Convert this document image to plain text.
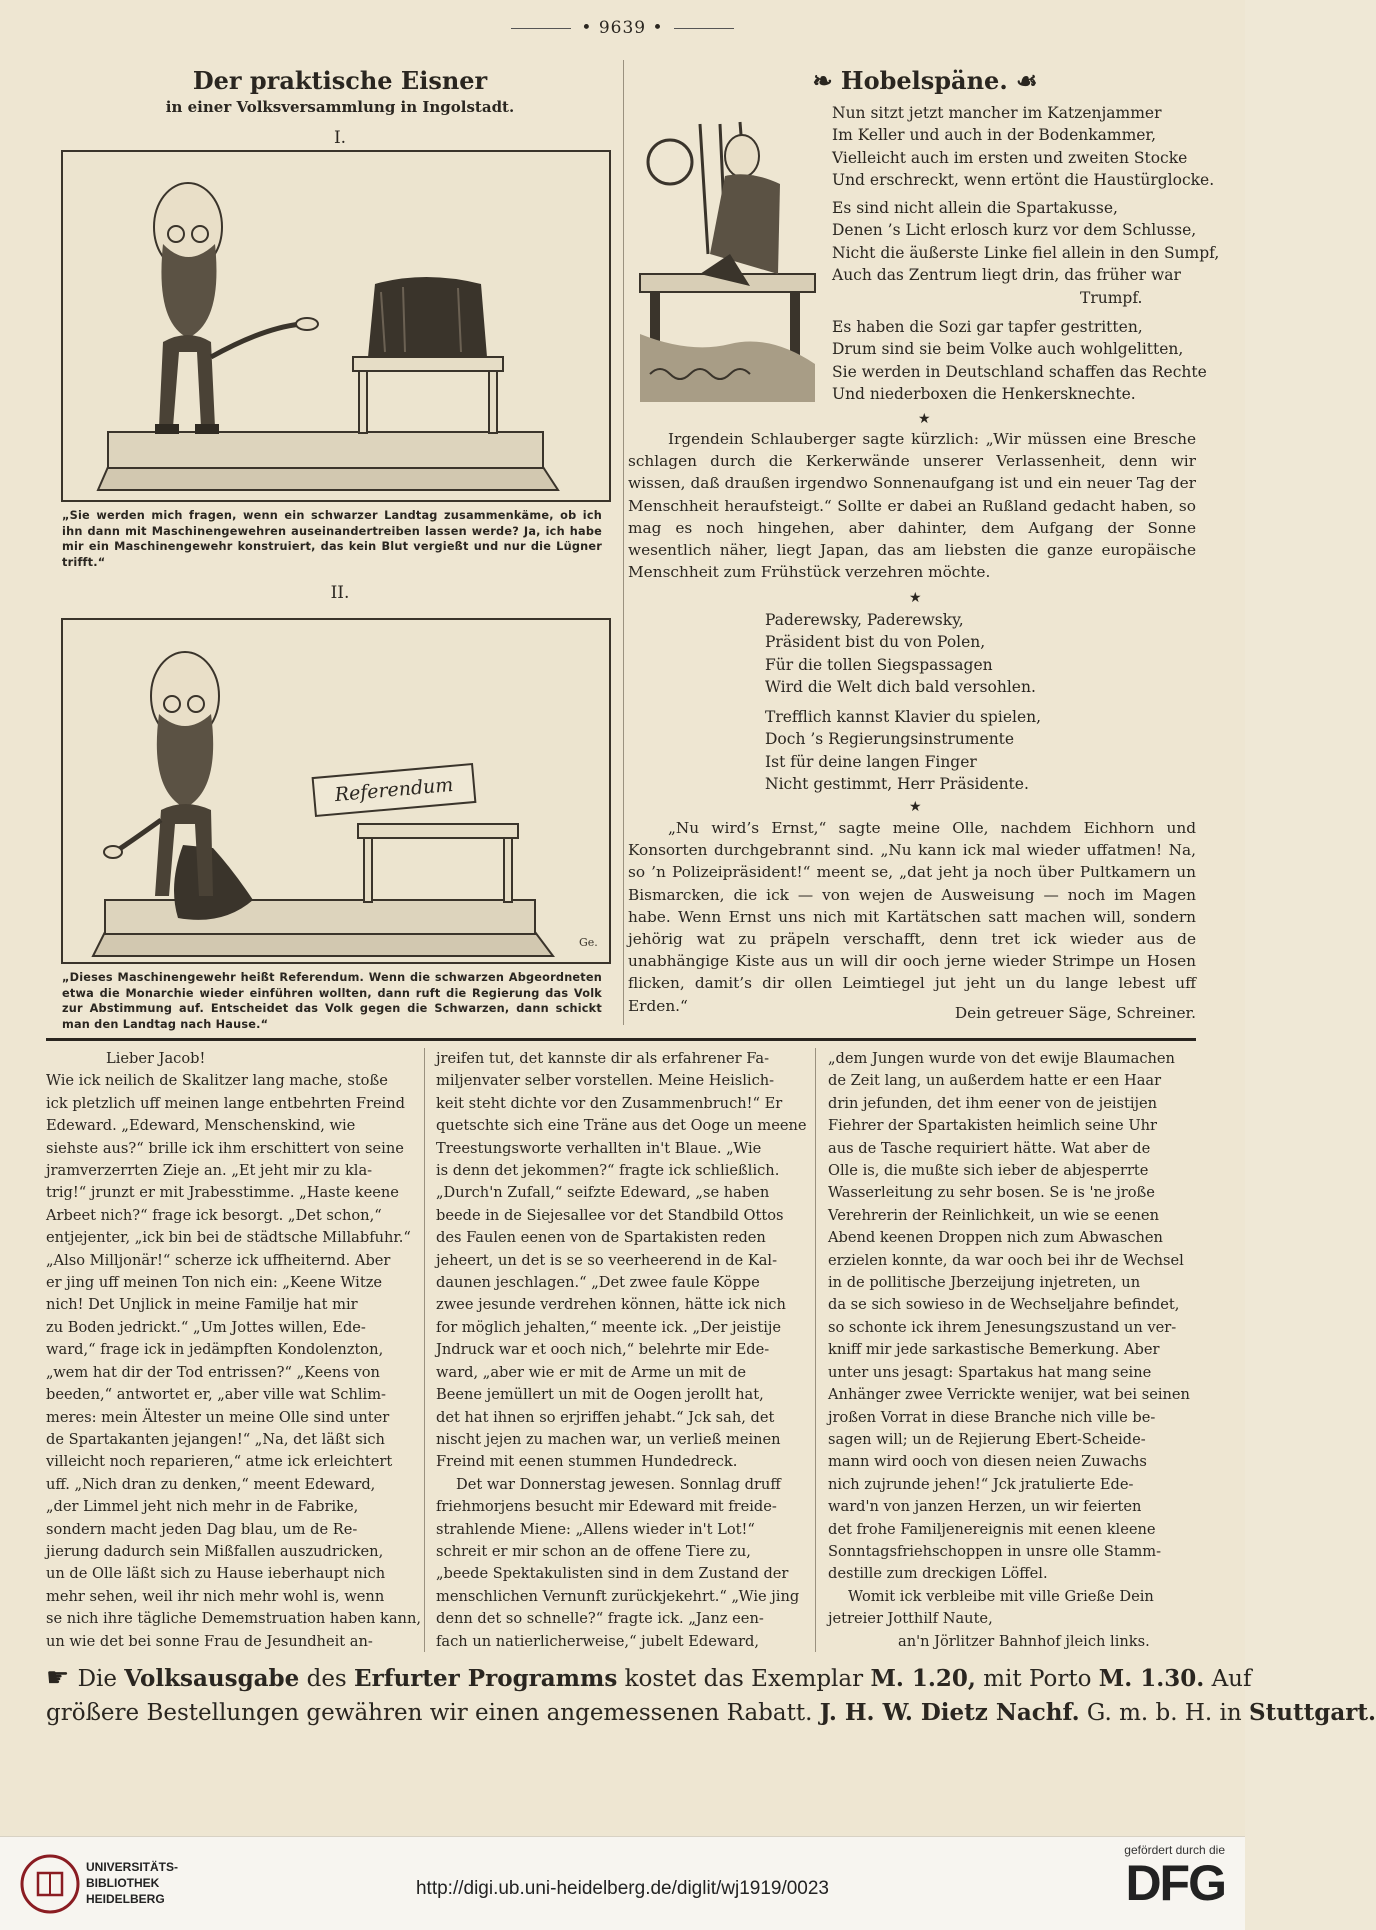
• 9639 •
Der praktische Eisner
in einer Volksversammlung in Ingolstadt.
I.
„Sie werden mich fragen, wenn ein schwarzer Landtag zusammenkäme, ob ich ihn dann mit Maschinengewehren auseinandertreiben lassen werde? Ja, ich habe mir ein Maschinengewehr konstruiert, das kein Blut vergießt und nur die Lügner trifft.“
II.
Ge.
Referendum
„Dieses Maschinengewehr heißt Referendum. Wenn die schwarzen Abgeordneten etwa die Monarchie wieder einführen wollten, dann ruft die Regierung das Volk zur Abstimmung auf. Entscheidet das Volk gegen die Schwarzen, dann schickt man den Landtag nach Hause.“
❧ Hobelspäne. ☙
Nun sitzt jetzt mancher im Katzenjammer
Im Keller und auch in der Bodenkammer,
Vielleicht auch im ersten und zweiten Stocke
Und erschreckt, wenn ertönt die Haustürglocke.
Es sind nicht allein die Spartakusse,
Denen ’s Licht erlosch kurz vor dem Schlusse,
Nicht die äußerste Linke fiel allein in den Sumpf,
Auch das Zentrum liegt drin, das früher war
Trumpf.
Es haben die Sozi gar tapfer gestritten,
Drum sind sie beim Volke auch wohlgelitten,
Sie werden in Deutschland schaffen das Rechte
Und niederboxen die Henkersknechte.
★
Irgendein Schlauberger sagte kürzlich: „Wir müssen eine Bresche schlagen durch die Kerkerwände unserer Verlassenheit, denn wir wissen, daß draußen irgendwo Sonnenaufgang ist und ein neuer Tag der Menschheit heraufsteigt.“ Sollte er dabei an Rußland gedacht haben, so mag es noch hingehen, aber dahinter, dem Aufgang der Sonne wesentlich näher, liegt Japan, das am liebsten die ganze europäische Menschheit zum Frühstück verzehren möchte.
★
Paderewsky, Paderewsky,
Präsident bist du von Polen,
Für die tollen Siegspassagen
Wird die Welt dich bald versohlen.
Trefflich kannst Klavier du spielen,
Doch ’s Regierungsinstrumente
Ist für deine langen Finger
Nicht gestimmt, Herr Präsidente.
★
„Nu wird’s Ernst,“ sagte meine Olle, nachdem Eichhorn und Konsorten durchgebrannt sind. „Nu kann ick mal wieder uffatmen! Na, so ’n Polizeipräsident!“ meent se, „dat jeht ja noch über Pultkamern un Bismarcken, die ick — von wejen de Ausweisung — noch im Magen habe. Wenn Ernst uns nich mit Kartätschen satt machen will, sondern jehörig wat zu präpeln verschafft, denn tret ick wieder aus de unabhängige Kiste aus un will dir ooch jerne wieder Strimpe un Hosen flicken, damit’s dir ollen Leimtiegel jut jeht un du lange lebest uff Erden.“	Dein getreuer Säge, Schreiner.
Lieber Jacob!
Wie ick neilich de Skalitzer lang mache, stoße
ick pletzlich uff meinen lange entbehrten Freind
Edeward. „Edeward, Menschenskind, wie
siehste aus?“ brille ick ihm erschittert von seine
jramverzerrten Zieje an. „Et jeht mir zu kla-
trig!“ jrunzt er mit Jrabesstimme. „Haste keene
Arbeet nich?“ frage ick besorgt. „Det schon,“
entjejenter, „ick bin bei de städtsche Millabfuhr.“
„Also Milljonär!“ scherze ick uffheiternd. Aber
er jing uff meinen Ton nich ein: „Keene Witze
nich! Det Unjlick in meine Familje hat mir
zu Boden jedrickt.“ „Um Jottes willen, Ede-
ward,“ frage ick in jedämpften Kondolenzton,
„wem hat dir der Tod entrissen?“ „Keens von
beeden,“ antwortet er, „aber ville wat Schlim-
meres: mein Ältester un meine Olle sind unter
de Spartakanten jejangen!“ „Na, det läßt sich
villeicht noch reparieren,“ atme ick erleichtert
uff. „Nich dran zu denken,“ meent Edeward,
„der Limmel jeht nich mehr in de Fabrike,
sondern macht jeden Dag blau, um de Re-
jierung dadurch sein Mißfallen auszudricken,
un de Olle läßt sich zu Hause ieberhaupt nich
mehr sehen, weil ihr nich mehr wohl is, wenn
se nich ihre tägliche Dememstruation haben kann,
un wie det bei sonne Frau de Jesundheit an-
jreifen tut, det kannste dir als erfahrener Fa-
miljenvater selber vorstellen. Meine Heislich-
keit steht dichte vor den Zusammenbruch!“ Er
quetschte sich eine Träne aus det Ooge un meene
Treestungsworte verhallten in't Blaue. „Wie
is denn det jekommen?“ fragte ick schließlich.
„Durch'n Zufall,“ seifzte Edeward, „se haben
beede in de Siejesallee vor det Standbild Ottos
des Faulen eenen von de Spartakisten reden
jeheert, un det is se so veerheerend in de Kal-
daunen jeschlagen.“ „Det zwee faule Köppe
zwee jesunde verdrehen können, hätte ick nich
for möglich jehalten,“ meente ick. „Der jeistije
Jndruck war et ooch nich,“ belehrte mir Ede-
ward, „aber wie er mit de Arme un mit de
Beene jemüllert un mit de Oogen jerollt hat,
det hat ihnen so erjriffen jehabt.“ Jck sah, det
nischt jejen zu machen war, un verließ meinen
Freind mit eenen stummen Hundedreck.
Det war Donnerstag jewesen. Sonnlag druff
friehmorjens besucht mir Edeward mit freide-
strahlende Miene: „Allens wieder in't Lot!“
schreit er mir schon an de offene Tiere zu,
„beede Spektakulisten sind in dem Zustand der
menschlichen Vernunft zurückjekehrt.“ „Wie jing
denn det so schnelle?“ fragte ick. „Janz een-
fach un natierlicherweise,“ jubelt Edeward,
„dem Jungen wurde von det ewije Blaumachen
de Zeit lang, un außerdem hatte er een Haar
drin jefunden, det ihm eener von de jeistijen
Fiehrer der Spartakisten heimlich seine Uhr
aus de Tasche requiriert hätte. Wat aber de
Olle is, die mußte sich ieber de abjesperrte
Wasserleitung zu sehr bosen. Se is 'ne jroße
Verehrerin der Reinlichkeit, un wie se eenen
Abend keenen Droppen nich zum Abwaschen
erzielen konnte, da war ooch bei ihr de Wechsel
in de pollitische Jberzeijung injetreten, un
da se sich sowieso in de Wechseljahre befindet,
so schonte ick ihrem Jenesungszustand un ver-
kniff mir jede sarkastische Bemerkung. Aber
unter uns jesagt: Spartakus hat mang seine
Anhänger zwee Verrickte wenijer, wat bei seinen
jroßen Vorrat in diese Branche nich ville be-
sagen will; un de Rejierung Ebert-Scheide-
mann wird ooch von diesen neien Zuwachs
nich zujrunde jehen!“ Jck jratulierte Ede-
ward'n von janzen Herzen, un wir feierten
det frohe Familjenereignis mit eenen kleene
Sonntagsfriehschoppen in unsre olle Stamm-
destille zum dreckigen Löffel.
Womit ick verbleibe mit ville Grieße Dein
jetreier Jotthilf Naute,
an'n Jörlitzer Bahnhof jleich links.
☛ Die Volksausgabe des Erfurter Programms kostet das Exemplar M. 1.20, mit Porto M. 1.30. Auf
größere Bestellungen gewähren wir einen angemessenen Rabatt. J. H. W. Dietz Nachf. G. m. b. H. in Stuttgart.
UNIVERSITÄTS-
BIBLIOTHEK
HEIDELBERG	http://digi.ub.uni-heidelberg.de/diglit/wj1919/0023
gefördert durch die
DFG
